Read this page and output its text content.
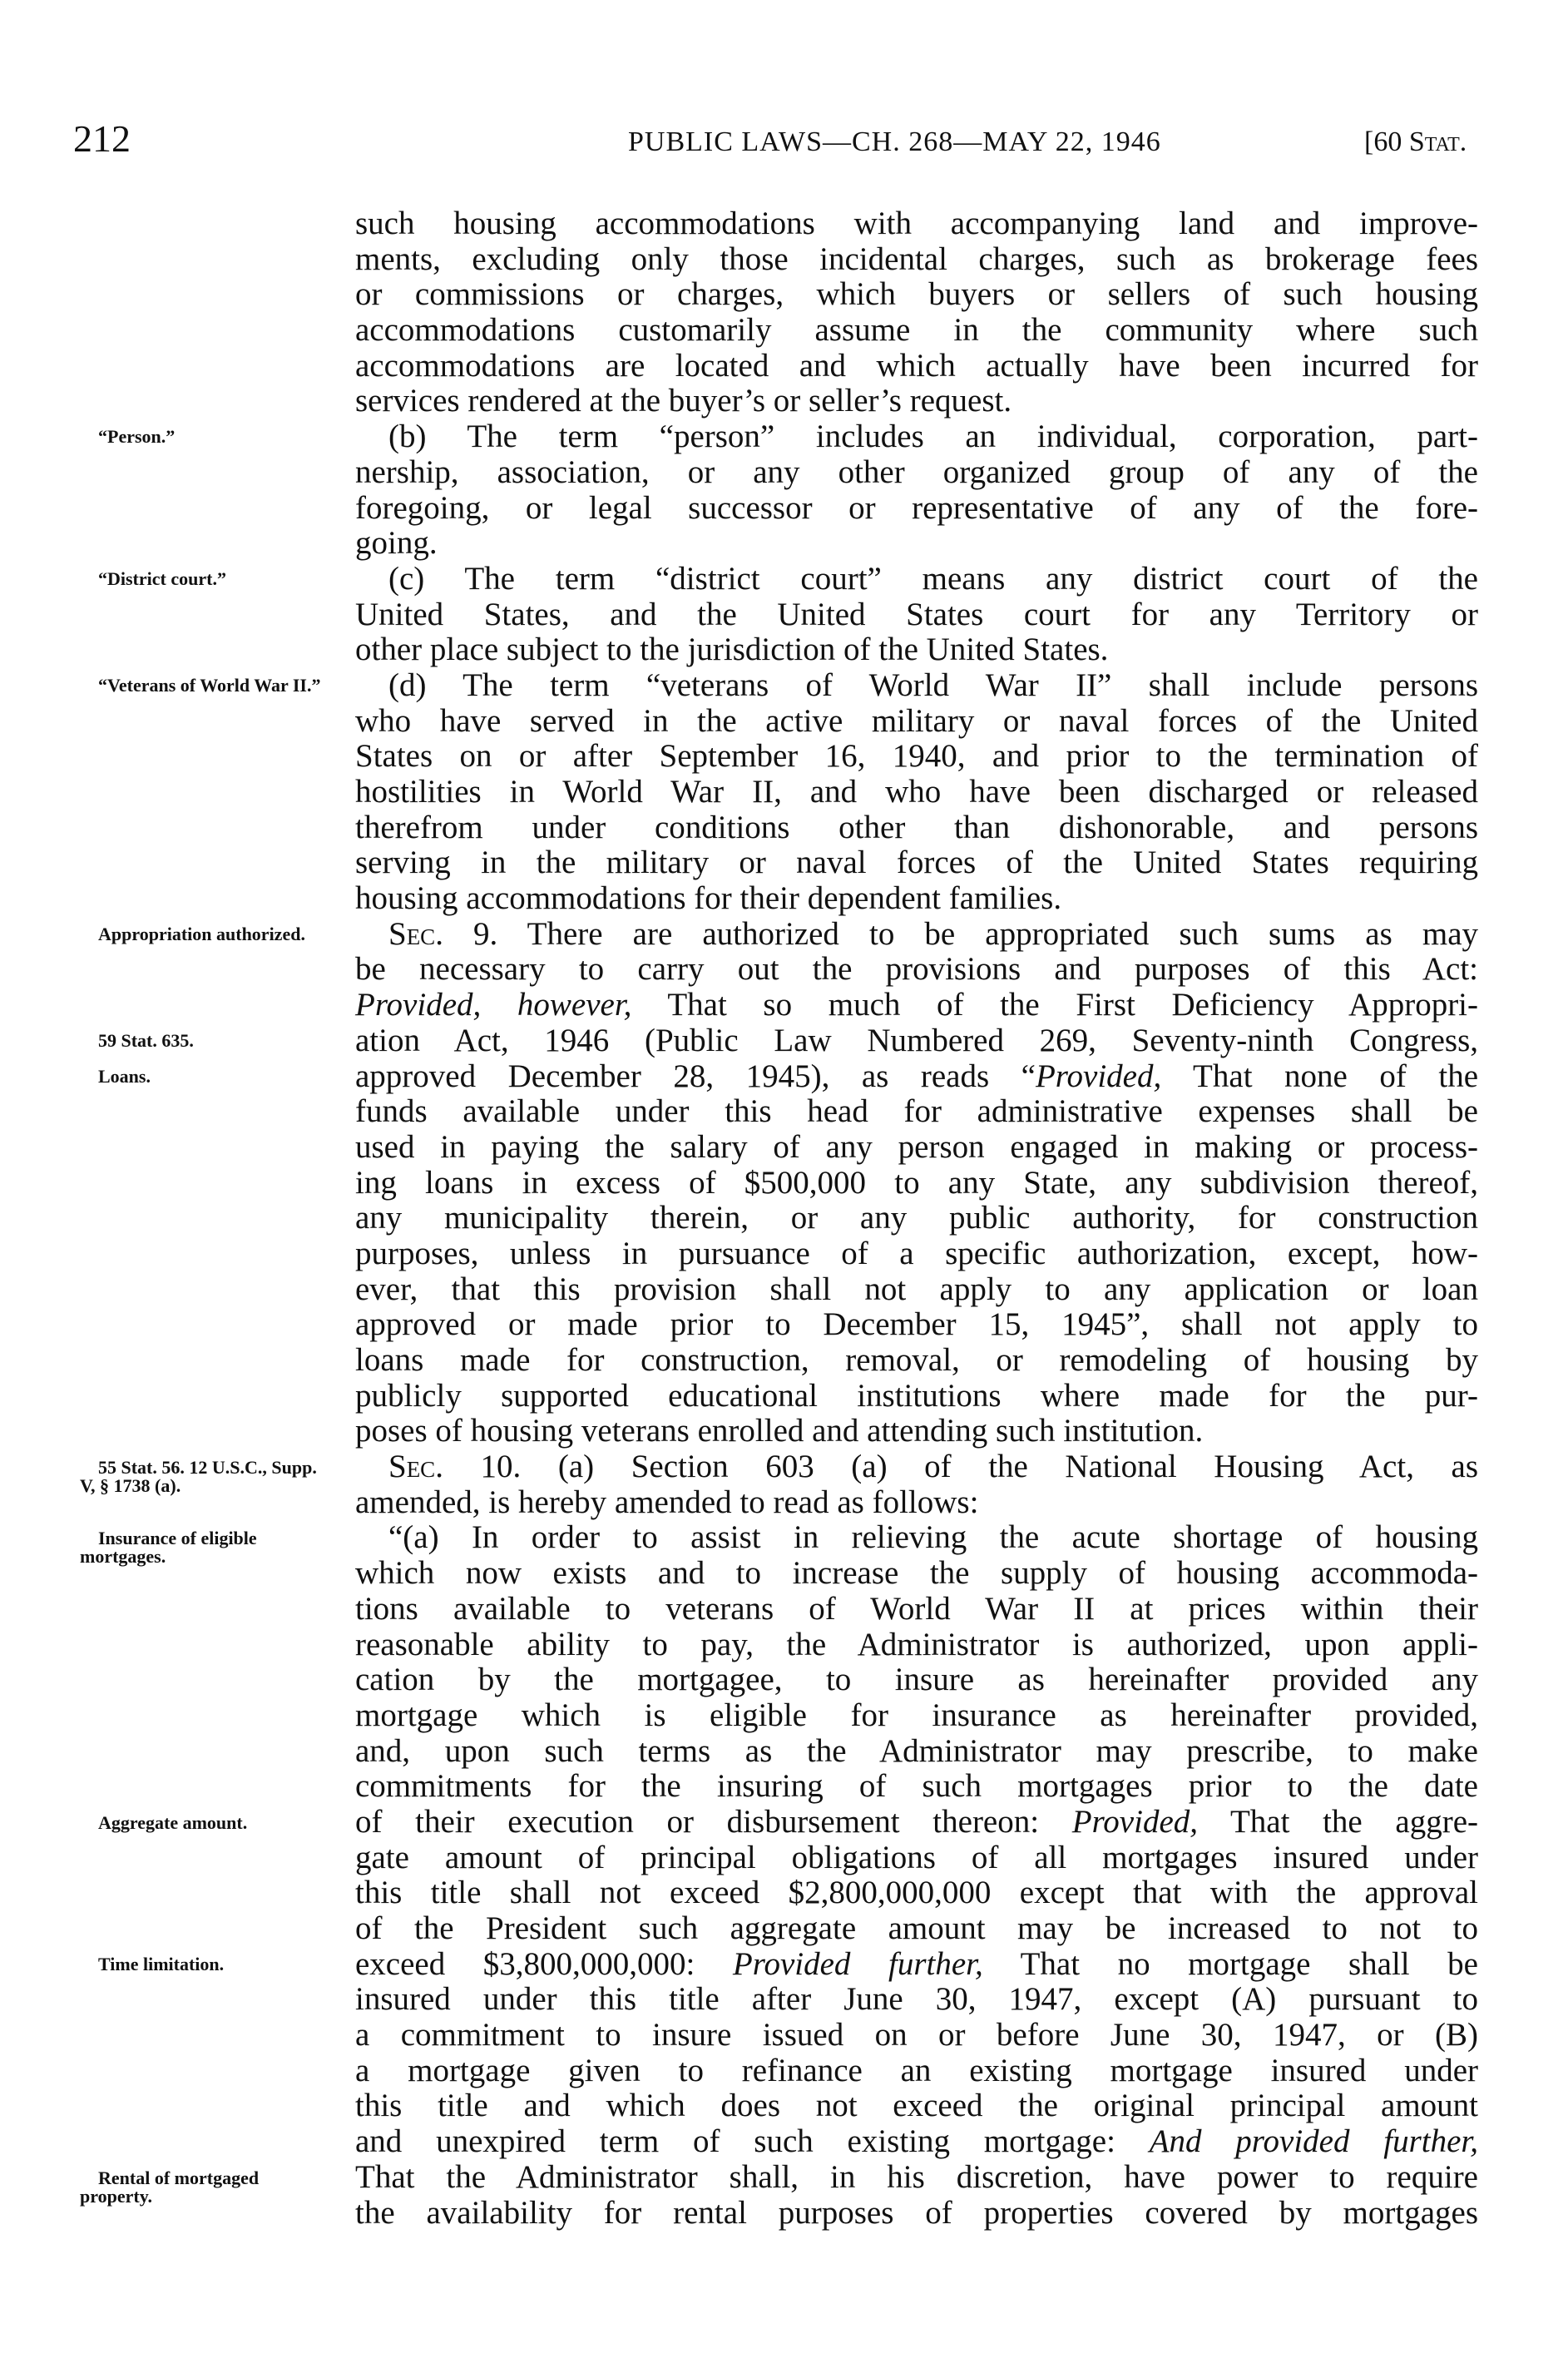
212	PUBLIC LAWS—CH. 268—MAY 22, 1946	[60 Stat.
such housing accommodations with accompanying land and improve-
ments, excluding only those incidental charges, such as brokerage fees
or commissions or charges, which buyers or sellers of such housing
accommodations customarily assume in the community where such
accommodations are located and which actually have been incurred for
services rendered at the buyer’s or seller’s request.
(b) The term “person” includes an individual, corporation, part-
nership, association, or any other organized group of any of the
foregoing, or legal successor or representative of any of the fore-
going.
(c) The term “district court” means any district court of the
United States, and the United States court for any Territory or
other place subject to the jurisdiction of the United States.
(d) The term “veterans of World War II” shall include persons
who have served in the active military or naval forces of the United
States on or after September 16, 1940, and prior to the termination of
hostilities in World War II, and who have been discharged or released
therefrom under conditions other than dishonorable, and persons
serving in the military or naval forces of the United States requiring
housing accommodations for their dependent families.
Sec. 9. There are authorized to be appropriated such sums as may
be necessary to carry out the provisions and purposes of this Act:
Provided, however, That so much of the First Deficiency Appropri-
ation Act, 1946 (Public Law Numbered 269, Seventy-ninth Congress,
approved December 28, 1945), as reads “Provided, That none of the
funds available under this head for administrative expenses shall be
used in paying the salary of any person engaged in making or process-
ing loans in excess of $500,000 to any State, any subdivision thereof,
any municipality therein, or any public authority, for construction
purposes, unless in pursuance of a specific authorization, except, how-
ever, that this provision shall not apply to any application or loan
approved or made prior to December 15, 1945”, shall not apply to
loans made for construction, removal, or remodeling of housing by
publicly supported educational institutions where made for the pur-
poses of housing veterans enrolled and attending such institution.
Sec. 10. (a) Section 603 (a) of the National Housing Act, as
amended, is hereby amended to read as follows:
“(a) In order to assist in relieving the acute shortage of housing
which now exists and to increase the supply of housing accommoda-
tions available to veterans of World War II at prices within their
reasonable ability to pay, the Administrator is authorized, upon appli-
cation by the mortgagee, to insure as hereinafter provided any
mortgage which is eligible for insurance as hereinafter provided,
and, upon such terms as the Administrator may prescribe, to make
commitments for the insuring of such mortgages prior to the date
of their execution or disbursement thereon: Provided, That the aggre-
gate amount of principal obligations of all mortgages insured under
this title shall not exceed $2,800,000,000 except that with the approval
of the President such aggregate amount may be increased to not to
exceed $3,800,000,000: Provided further, That no mortgage shall be
insured under this title after June 30, 1947, except (A) pursuant to
a commitment to insure issued on or before June 30, 1947, or (B)
a mortgage given to refinance an existing mortgage insured under
this title and which does not exceed the original principal amount
and unexpired term of such existing mortgage: And provided further,
That the Administrator shall, in his discretion, have power to require
the availability for rental purposes of properties covered by mortgages
“Person.”
“District court.”
“Veterans of World War II.”
Appropriation authorized.
59 Stat. 635.
Loans.
55 Stat. 56. 12 U.S.C., Supp. V, § 1738 (a).
Insurance of eligible mortgages.
Aggregate amount.
Time limitation.
Rental of mortgaged property.
